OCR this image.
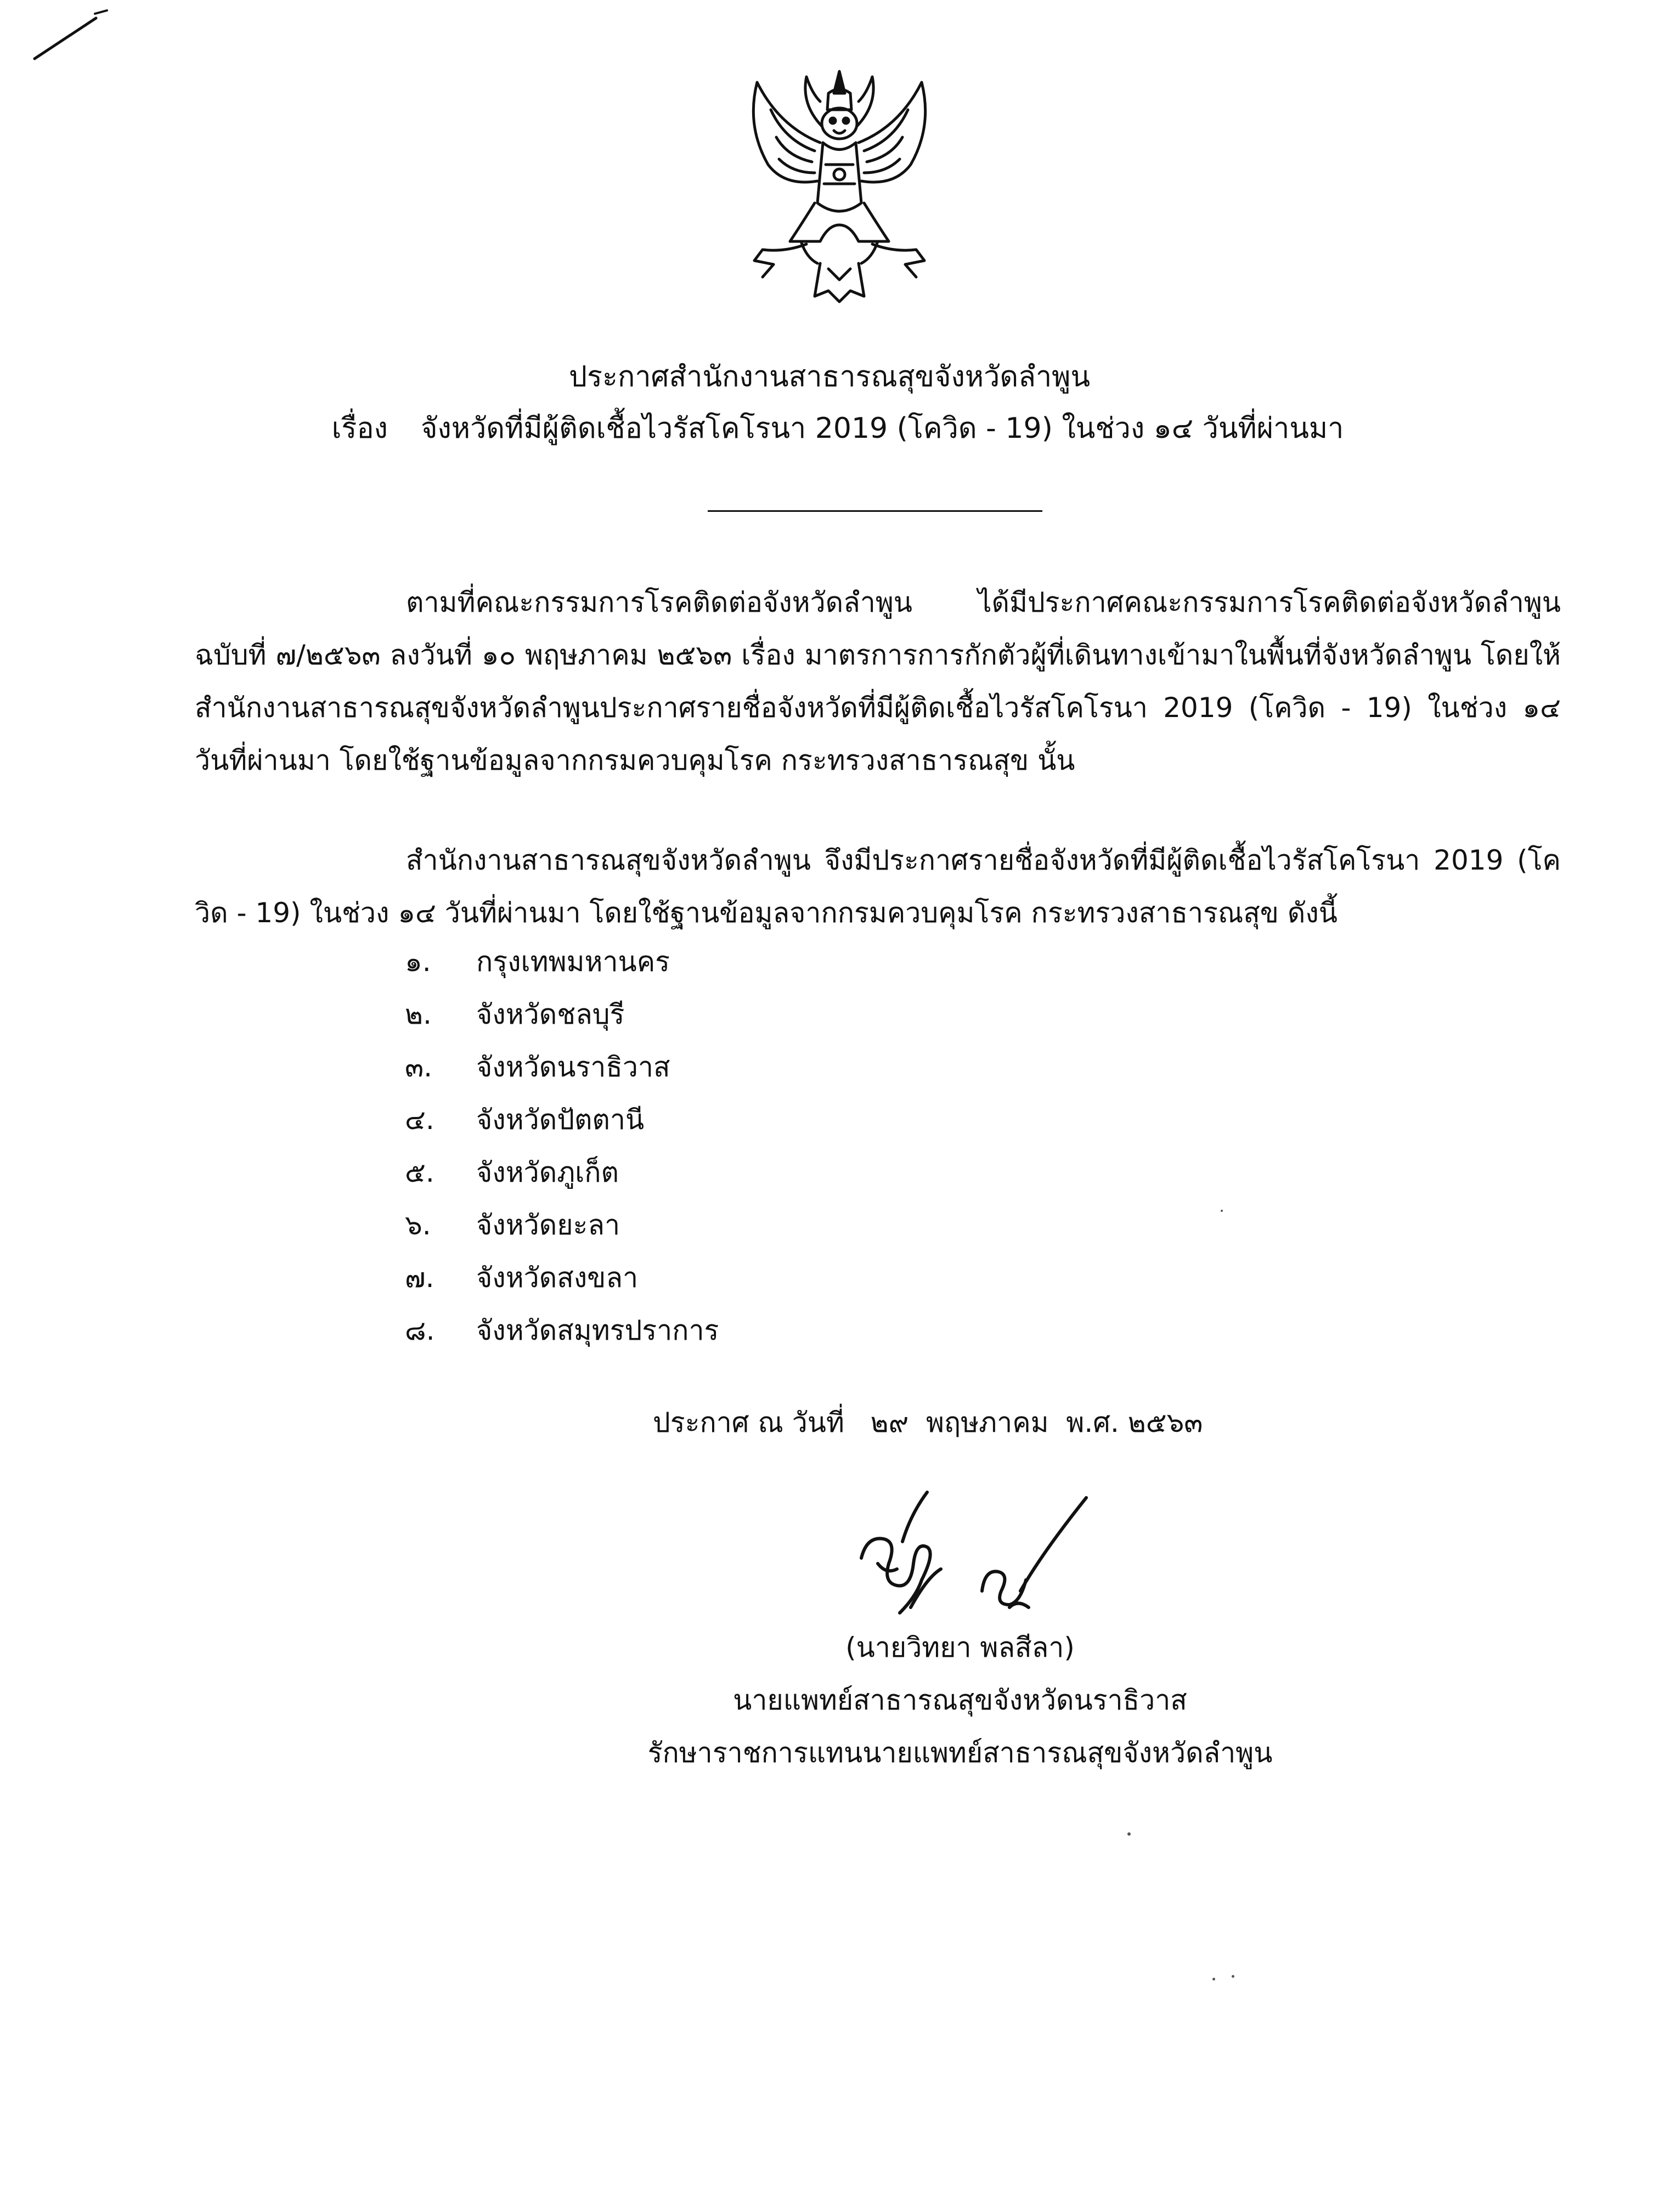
ประกาศสำนักงานสาธารณสุขจังหวัดลำพูน
เรื่อง จังหวัดที่มีผู้ติดเชื้อไวรัสโคโรนา 2019 (โควิด - 19) ในช่วง ๑๔ วันที่ผ่านมา
ตามที่คณะกรรมการโรคติดต่อจังหวัดลำพูน ได้มีประกาศคณะกรรมการโรคติดต่อจังหวัดลำพูน ฉบับที่ ๗/๒๕๖๓ ลงวันที่ ๑๐ พฤษภาคม ๒๕๖๓ เรื่อง มาตรการการกักตัวผู้ที่เดินทางเข้ามาในพื้นที่จังหวัดลำพูน โดยให้สำนักงานสาธารณสุขจังหวัดลำพูนประกาศรายชื่อจังหวัดที่มีผู้ติดเชื้อไวรัสโคโรนา 2019 (โควิด - 19) ในช่วง ๑๔ วันที่ผ่านมา โดยใช้ฐานข้อมูลจากกรมควบคุมโรค กระทรวงสาธารณสุข นั้น
สำนักงานสาธารณสุขจังหวัดลำพูน จึงมีประกาศรายชื่อจังหวัดที่มีผู้ติดเชื้อไวรัสโคโรนา 2019 (โควิด - 19) ในช่วง ๑๔ วันที่ผ่านมา โดยใช้ฐานข้อมูลจากกรมควบคุมโรค กระทรวงสาธารณสุข ดังนี้
๑.	กรุงเทพมหานคร
๒.	จังหวัดชลบุรี
๓.	จังหวัดนราธิวาส
๔.	จังหวัดปัตตานี
๕.	จังหวัดภูเก็ต
๖.	จังหวัดยะลา
๗.	จังหวัดสงขลา
๘.	จังหวัดสมุทรปราการ
ประกาศ ณ วันที่   ๒๙  พฤษภาคม  พ.ศ. ๒๕๖๓
(นายวิทยา พลสีลา)
นายแพทย์สาธารณสุขจังหวัดนราธิวาส
รักษาราชการแทนนายแพทย์สาธารณสุขจังหวัดลำพูน
